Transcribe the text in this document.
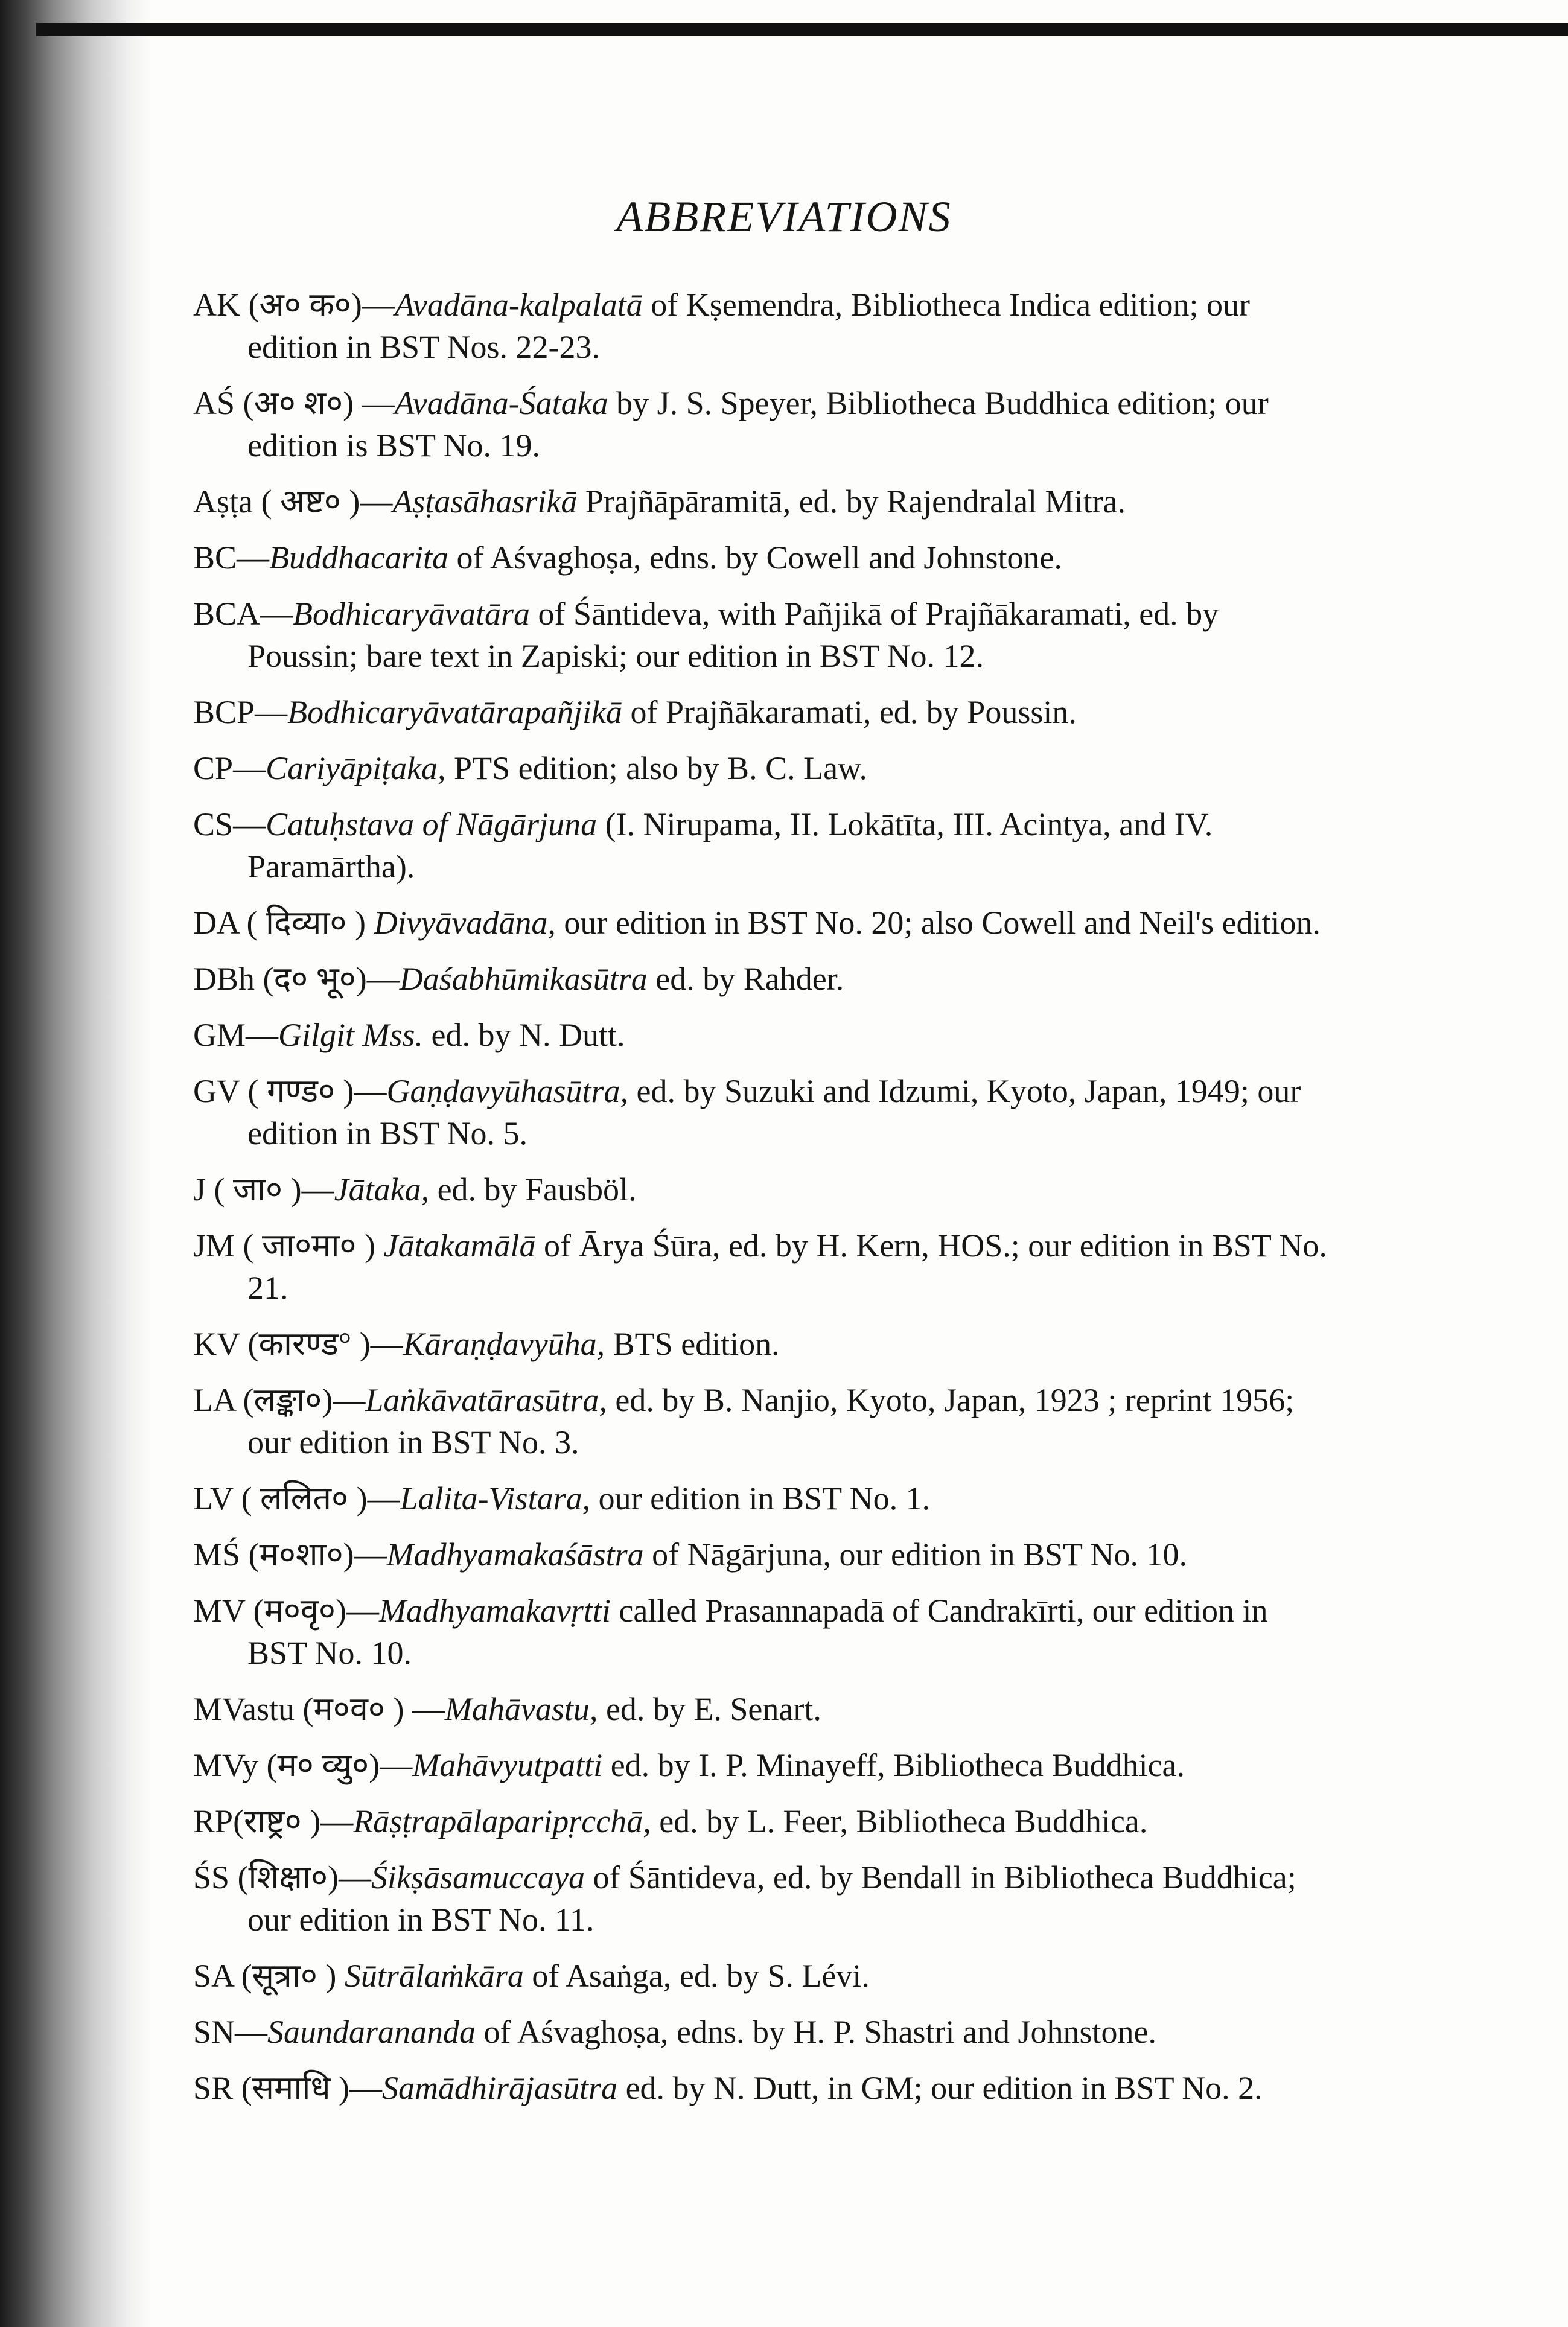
ABBREVIATIONS
AK (अ० क०)—Avadāna-kalpalatā of Kṣemendra, Bibliotheca Indica edition; our edition in BST Nos. 22-23.
AŚ (अ० श०) —Avadāna-Śataka by J. S. Speyer, Bibliotheca Buddhica edition; our edition is BST No. 19.
Aṣṭa ( अष्ट० )—Aṣṭasāhasrikā Prajñāpāramitā, ed. by Rajendralal Mitra.
BC—Buddhacarita of Aśvaghoṣa, edns. by Cowell and Johnstone.
BCA—Bodhicaryāvatāra of Śāntideva, with Pañjikā of Prajñākaramati, ed. by Poussin; bare text in Zapiski; our edition in BST No. 12.
BCP—Bodhicaryāvatārapañjikā of Prajñākaramati, ed. by Poussin.
CP—Cariyāpiṭaka, PTS edition; also by B. C. Law.
CS—Catuḥstava of Nāgārjuna (I. Nirupama, II. Lokātīta, III. Acintya, and IV. Paramārtha).
DA ( दिव्या० ) Divyāvadāna, our edition in BST No. 20; also Cowell and Neil's edition.
DBh (द० भू०)—Daśabhūmikasūtra ed. by Rahder.
GM—Gilgit Mss. ed. by N. Dutt.
GV ( गण्ड० )—Gaṇḍavyūhasūtra, ed. by Suzuki and Idzumi, Kyoto, Japan, 1949; our edition in BST No. 5.
J ( जा० )—Jātaka, ed. by Fausböl.
JM ( जा०मा० ) Jātakamālā of Ārya Śūra, ed. by H. Kern, HOS.; our edition in BST No. 21.
KV (कारण्ड° )—Kāraṇḍavyūha, BTS edition.
LA (लङ्का०)—Laṅkāvatārasūtra, ed. by B. Nanjio, Kyoto, Japan, 1923 ; reprint 1956; our edition in BST No. 3.
LV ( ललित० )—Lalita-Vistara, our edition in BST No. 1.
MŚ (म०शा०)—Madhyamakaśāstra of Nāgārjuna, our edition in BST No. 10.
MV (म०वृ०)—Madhyamakavṛtti called Prasannapadā of Candrakīrti, our edition in BST No. 10.
MVastu (म०व० ) —Mahāvastu, ed. by E. Senart.
MVy (म० व्यु०)—Mahāvyutpatti ed. by I. P. Minayeff, Bibliotheca Buddhica.
RP(राष्ट्र० )—Rāṣṭrapālaparipṛcchā, ed. by L. Feer, Bibliotheca Buddhica.
ŚS (शिक्षा०)—Śikṣāsamuccaya of Śāntideva, ed. by Bendall in Bibliotheca Buddhica; our edition in BST No. 11.
SA (सूत्रा० ) Sūtrālaṁkāra of Asaṅga, ed. by S. Lévi.
SN—Saundarananda of Aśvaghoṣa, edns. by H. P. Shastri and Johnstone.
SR (समाधि )—Samādhirājasūtra ed. by N. Dutt, in GM; our edition in BST No. 2.
